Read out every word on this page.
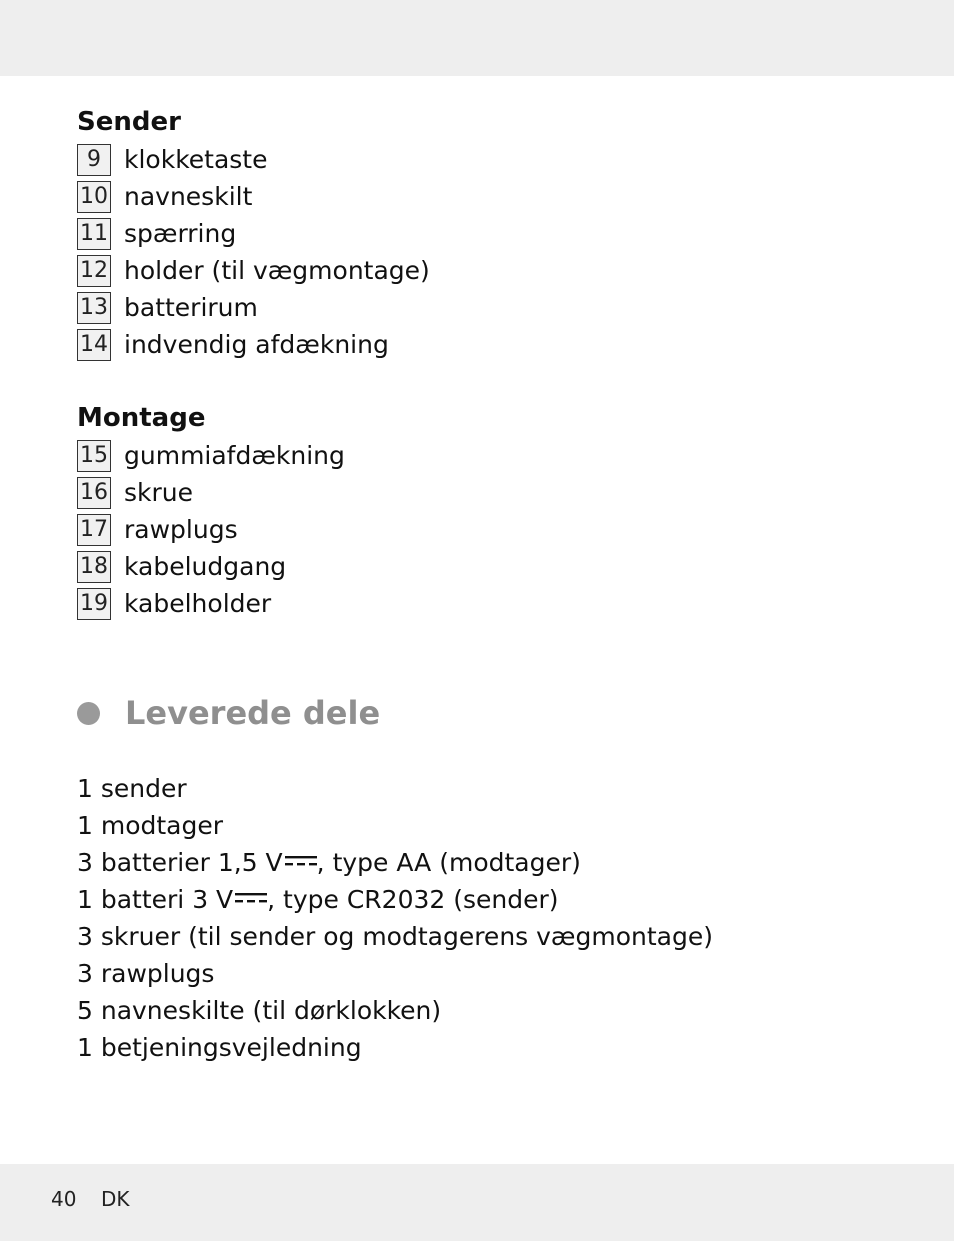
Sender
9 klokketaste
10 navneskilt
11 spærring
12 holder (til vægmontage)
13 batterirum
14 indvendig afdækning
Montage
15 gummiafdækning
16 skrue
17 rawplugs
18 kabeludgang
19 kabelholder
Leverede dele
1 sender
1 modtager
3 batterier 1,5 V , type AA (modtager)
1 batteri 3 V , type CR2032 (sender)
3 skruer (til sender og modtagerens vægmontage)
3 rawplugs
5 navneskilte (til dørklokken)
1 betjeningsvejledning
40 DK
